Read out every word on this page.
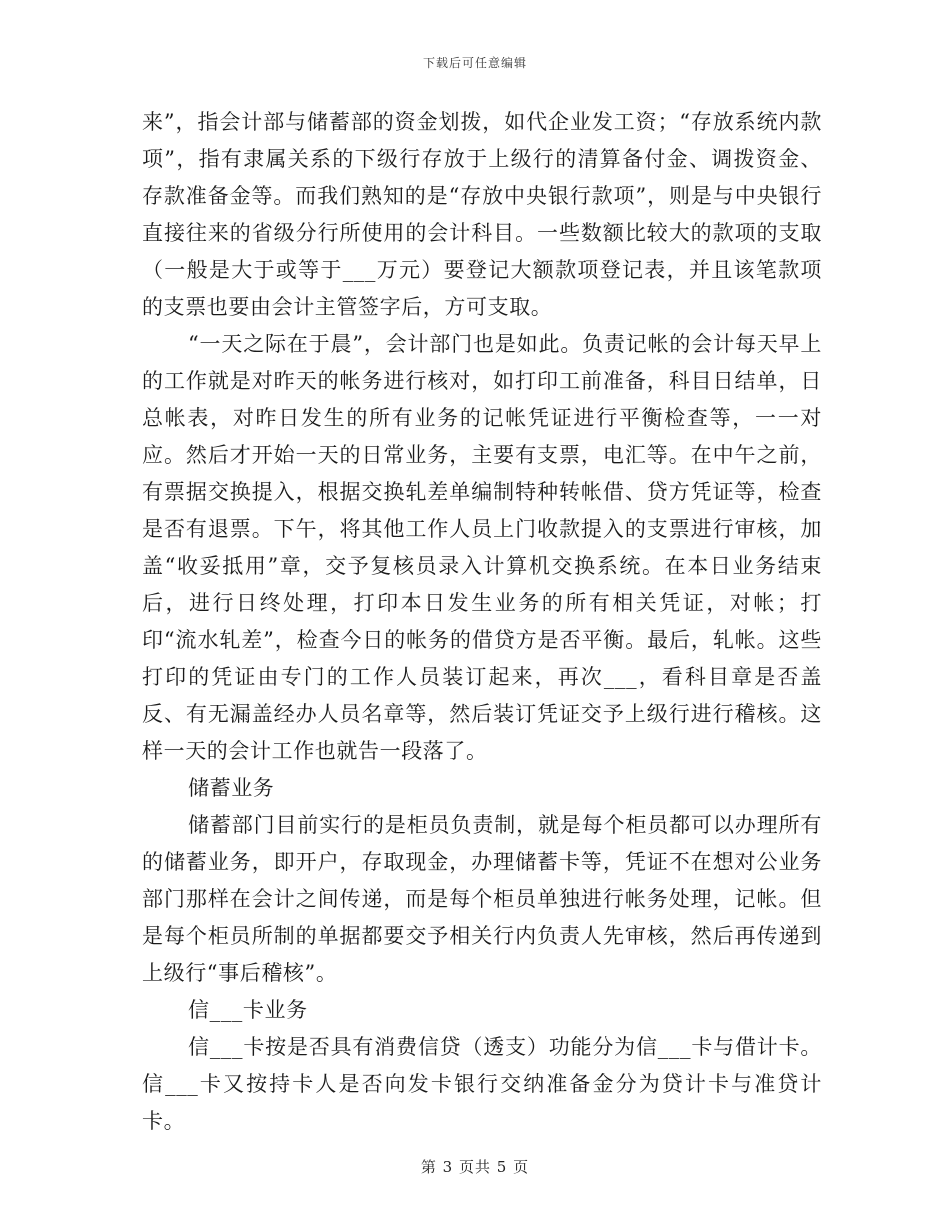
下载后可任意编辑

来”，指会计部与储蓄部的资金划拨，如代企业发工资；“存放系统内款项”，指有隶属关系的下级行存放于上级行的清算备付金、调拨资金、存款准备金等。而我们熟知的是“存放中央银行款项”，则是与中央银行直接往来的省级分行所使用的会计科目。一些数额比较大的款项的支取（一般是大于或等于___万元）要登记大额款项登记表，并且该笔款项的支票也要由会计主管签字后，方可支取。

“一天之际在于晨”，会计部门也是如此。负责记帐的会计每天早上的工作就是对昨天的帐务进行核对，如打印工前准备，科目日结单，日总帐表，对昨日发生的所有业务的记帐凭证进行平衡检查等，一一对应。然后才开始一天的日常业务，主要有支票，电汇等。在中午之前，有票据交换提入，根据交换轧差单编制特种转帐借、贷方凭证等，检查是否有退票。下午，将其他工作人员上门收款提入的支票进行审核，加盖“收妥抵用”章，交予复核员录入计算机交换系统。在本日业务结束后，进行日终处理，打印本日发生业务的所有相关凭证，对帐；打印“流水轧差”，检查今日的帐务的借贷方是否平衡。最后，轧帐。这些打印的凭证由专门的工作人员装订起来，再次___，看科目章是否盖反、有无漏盖经办人员名章等，然后装订凭证交予上级行进行稽核。这样一天的会计工作也就告一段落了。

储蓄业务

储蓄部门目前实行的是柜员负责制，就是每个柜员都可以办理所有的储蓄业务，即开户，存取现金，办理储蓄卡等，凭证不在想对公业务部门那样在会计之间传递，而是每个柜员单独进行帐务处理，记帐。但是每个柜员所制的单据都要交予相关行内负责人先审核，然后再传递到上级行“事后稽核”。

信___卡业务

信___卡按是否具有消费信贷（透支）功能分为信___卡与借计卡。信___卡又按持卡人是否向发卡银行交纳准备金分为贷计卡与准贷计卡。

第 3 页共 5 页
